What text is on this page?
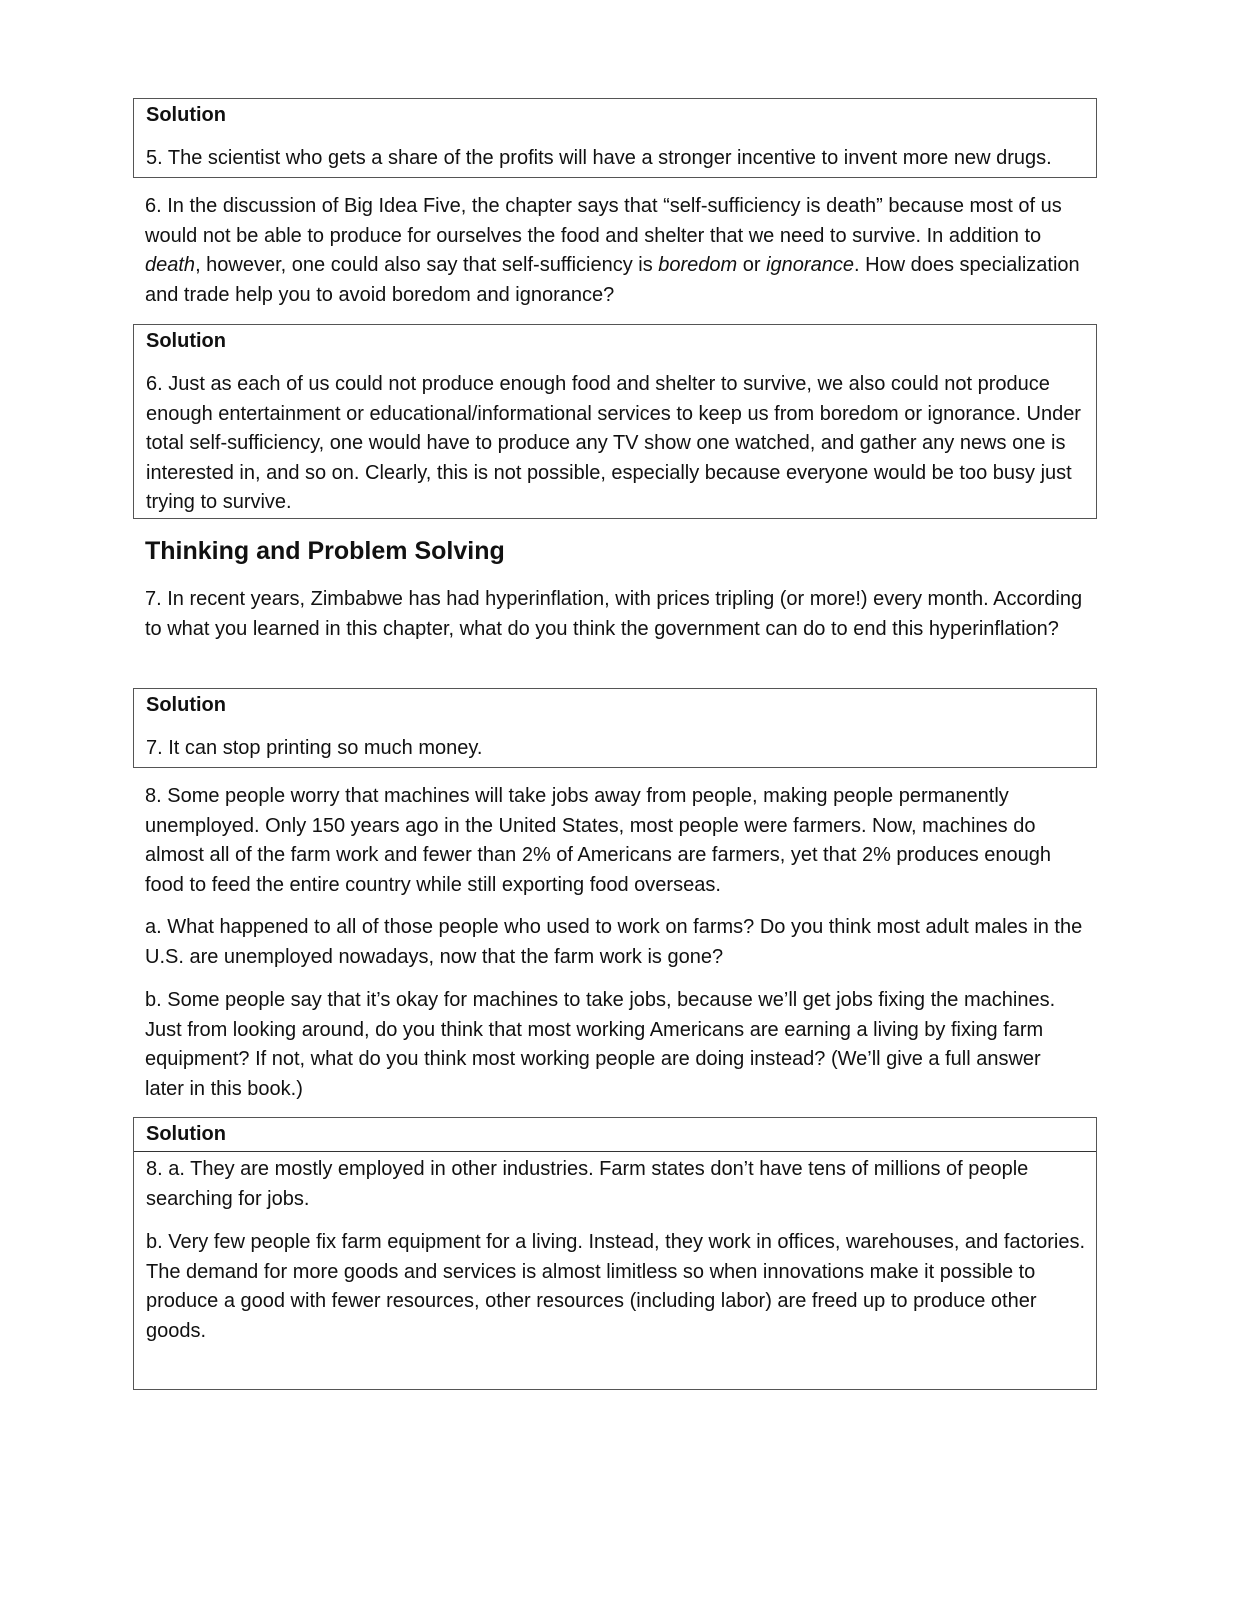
Solution

5. The scientist who gets a share of the profits will have a stronger incentive to invent more new drugs.

6. In the discussion of Big Idea Five, the chapter says that “self-sufficiency is death” because most of us would not be able to produce for ourselves the food and shelter that we need to survive. In addition to death, however, one could also say that self-sufficiency is boredom or ignorance. How does specialization and trade help you to avoid boredom and ignorance?

Solution

6. Just as each of us could not produce enough food and shelter to survive, we also could not produce enough entertainment or educational/informational services to keep us from boredom or ignorance. Under total self-sufficiency, one would have to produce any TV show one watched, and gather any news one is interested in, and so on. Clearly, this is not possible, especially because everyone would be too busy just trying to survive.

Thinking and Problem Solving

7. In recent years, Zimbabwe has had hyperinflation, with prices tripling (or more!) every month. According to what you learned in this chapter, what do you think the government can do to end this hyperinflation?

Solution

7. It can stop printing so much money.

8. Some people worry that machines will take jobs away from people, making people permanently unemployed. Only 150 years ago in the United States, most people were farmers. Now, machines do almost all of the farm work and fewer than 2% of Americans are farmers, yet that 2% produces enough food to feed the entire country while still exporting food overseas.

a. What happened to all of those people who used to work on farms? Do you think most adult males in the U.S. are unemployed nowadays, now that the farm work is gone?

b. Some people say that it’s okay for machines to take jobs, because we’ll get jobs fixing the machines. Just from looking around, do you think that most working Americans are earning a living by fixing farm equipment? If not, what do you think most working people are doing instead? (We’ll give a full answer later in this book.)

Solution

8. a. They are mostly employed in other industries. Farm states don’t have tens of millions of people searching for jobs.

b. Very few people fix farm equipment for a living. Instead, they work in offices, warehouses, and factories. The demand for more goods and services is almost limitless so when innovations make it possible to produce a good with fewer resources, other resources (including labor) are freed up to produce other goods.
